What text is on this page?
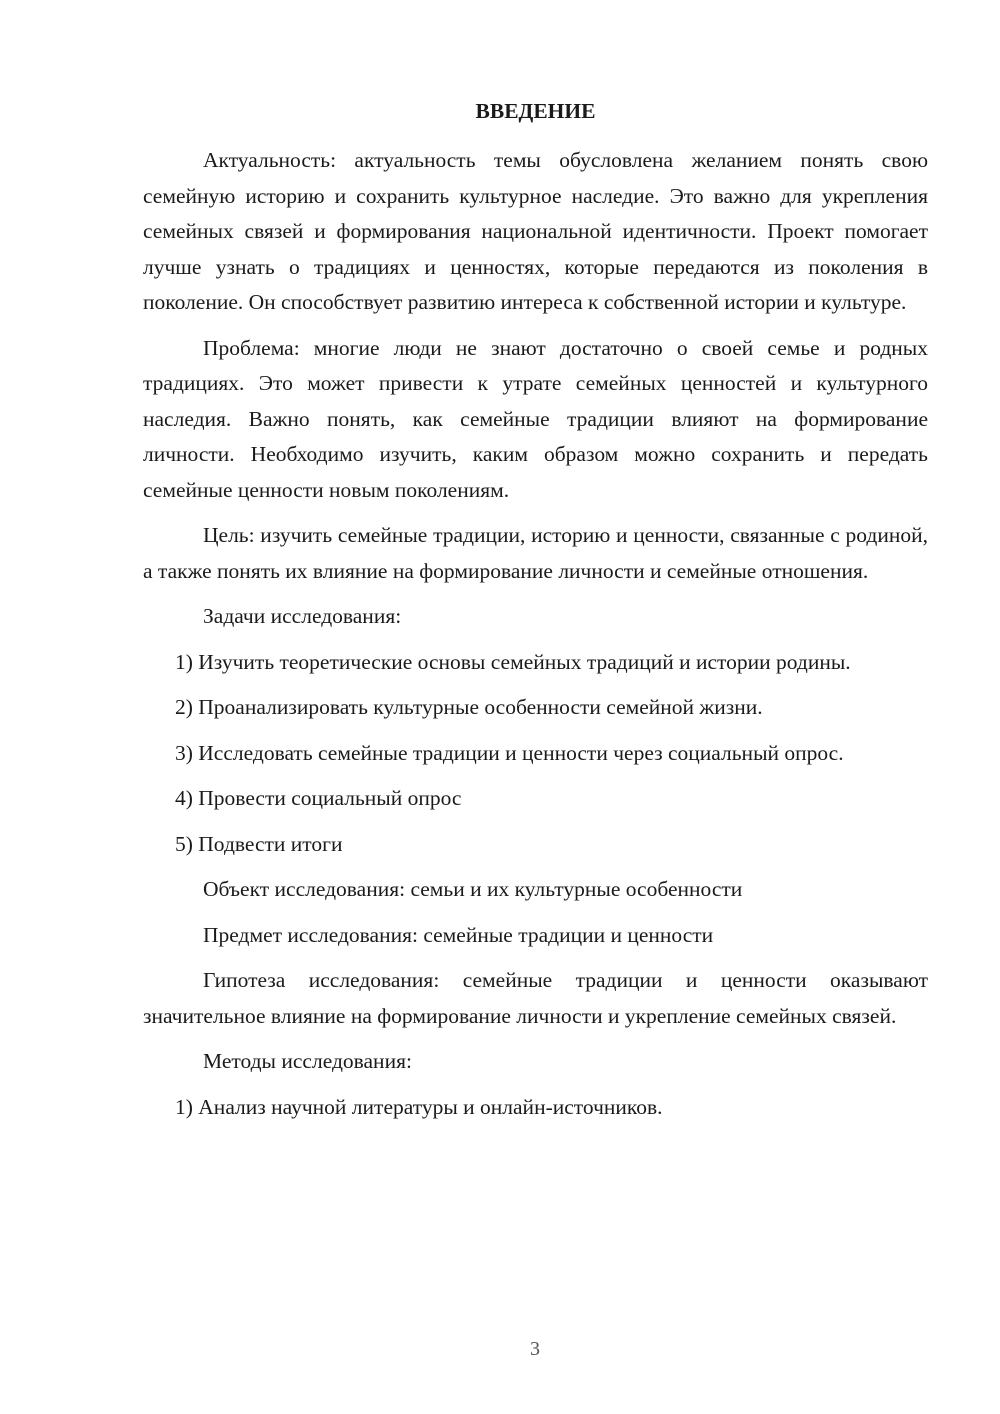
ВВЕДЕНИЕ

Актуальность: актуальность темы обусловлена желанием понять свою семейную историю и сохранить культурное наследие. Это важно для укрепления семейных связей и формирования национальной идентичности. Проект помогает лучше узнать о традициях и ценностях, которые передаются из поколения в поколение. Он способствует развитию интереса к собственной истории и культуре.

Проблема: многие люди не знают достаточно о своей семье и родных традициях. Это может привести к утрате семейных ценностей и культурного наследия. Важно понять, как семейные традиции влияют на формирование личности. Необходимо изучить, каким образом можно сохранить и передать семейные ценности новым поколениям.

Цель: изучить семейные традиции, историю и ценности, связанные с родиной, а также понять их влияние на формирование личности и семейные отношения.

Задачи исследования:

1) Изучить теоретические основы семейных традиций и истории родины.

2) Проанализировать культурные особенности семейной жизни.

3) Исследовать семейные традиции и ценности через социальный опрос.

4) Провести социальный опрос

5) Подвести итоги

Объект исследования: семьи и их культурные особенности

Предмет исследования: семейные традиции и ценности

Гипотеза исследования: семейные традиции и ценности оказывают значительное влияние на формирование личности и укрепление семейных связей.

Методы исследования:

1) Анализ научной литературы и онлайн-источников.

3
